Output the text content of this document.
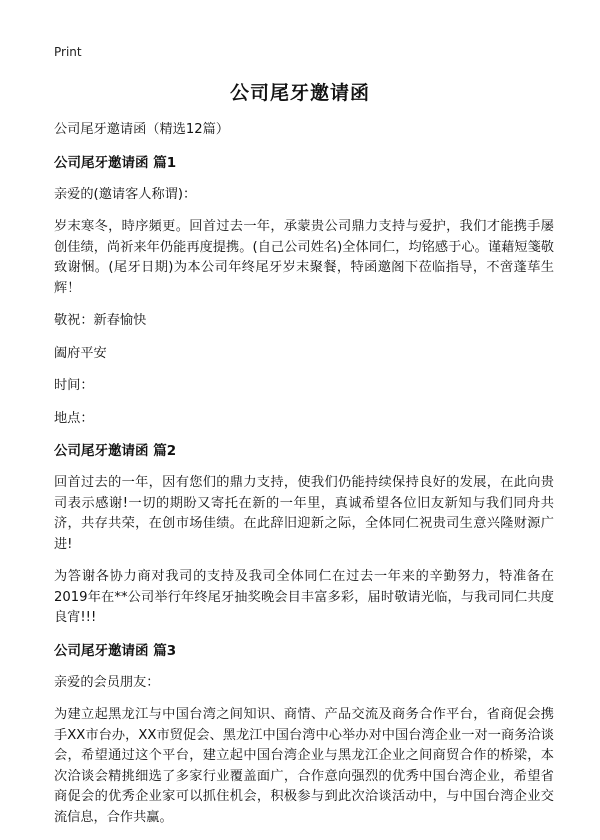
Print
公司尾牙邀请函

公司尾牙邀请函（精选12篇）

公司尾牙邀请函 篇1

亲爱的(邀请客人称谓)：

岁末寒冬，時序頻更。回首过去一年，承蒙贵公司鼎力支持与爱护，我们才能携手屡创佳绩，尚祈来年仍能再度提携。(自己公司姓名)全体同仁，均铭感于心。谨藉短箋敬致谢悃。(尾牙日期)为本公司年终尾牙岁末聚餐，特函邀阁下莅临指导，不啻蓬荜生辉！

敬祝：新春愉快

阖府平安

时间：

地点：

公司尾牙邀请函 篇2

回首过去的一年，因有您们的鼎力支持，使我们仍能持续保持良好的发展，在此向贵司表示感谢!一切的期盼又寄托在新的一年里，真诚希望各位旧友新知与我们同舟共济，共存共荣，在创市场佳绩。在此辞旧迎新之际，全体同仁祝贵司生意兴隆财源广进!

为答谢各协力商对我司的支持及我司全体同仁在过去一年来的辛勤努力，特准备在2019年在**公司举行年终尾牙抽奖晚会目丰富多彩，届时敬请光临，与我司同仁共度良宵!!!

公司尾牙邀请函 篇3

亲爱的会员朋友：

为建立起黑龙江与中国台湾之间知识、商情、产品交流及商务合作平台，省商促会携手XX市台办，XX市贸促会、黑龙江中国台湾中心举办对中国台湾企业一对一商务洽谈会，希望通过这个平台，建立起中国台湾企业与黑龙江企业之间商贸合作的桥梁，本次洽谈会精挑细选了多家行业覆盖面广，合作意向强烈的优秀中国台湾企业，希望省商促会的优秀企业家可以抓住机会，积极参与到此次洽谈活动中，与中国台湾企业交流信息，合作共赢。
